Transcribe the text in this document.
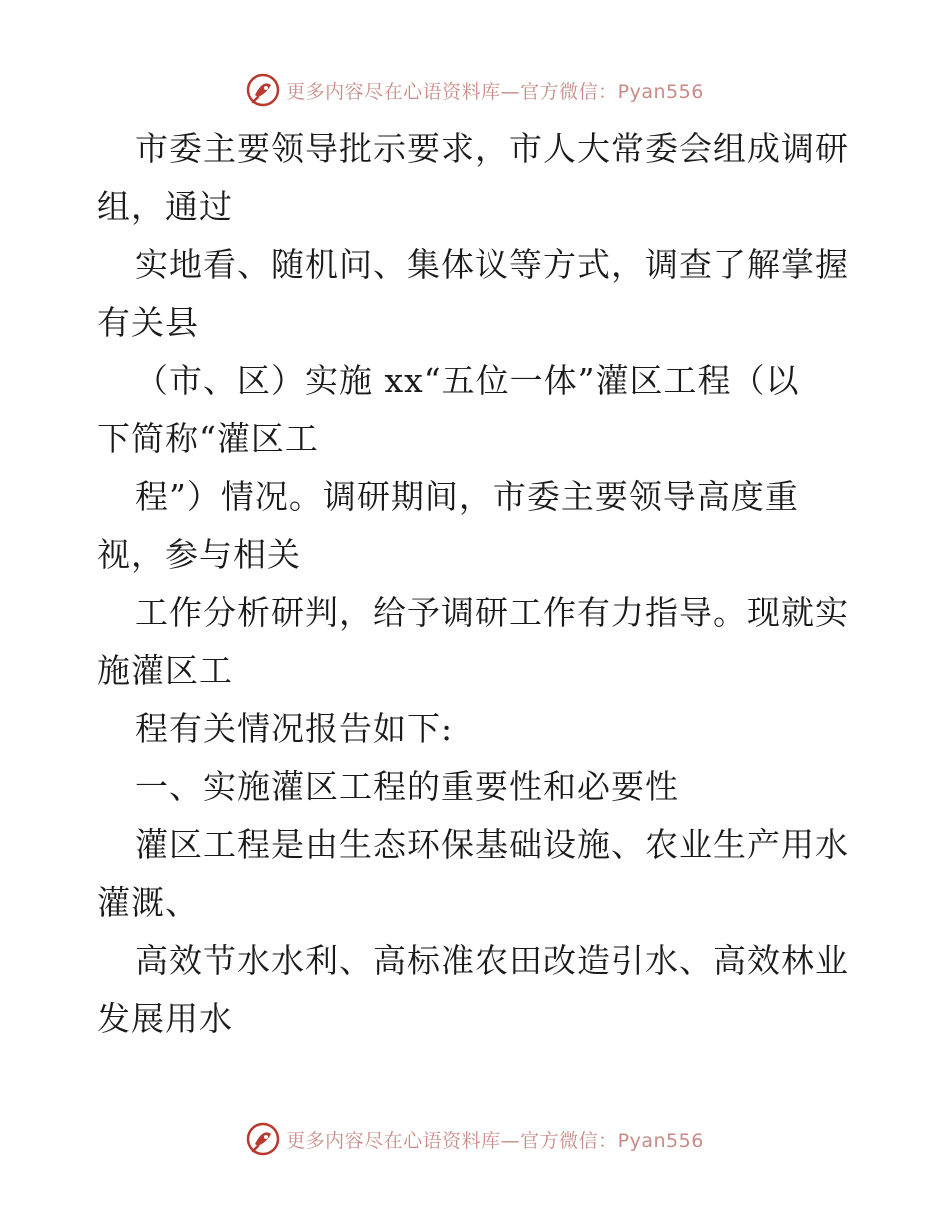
更多内容尽在心语资料库—官方微信：Pyan556
市委主要领导批示要求，市人大常委会组成调研
组，通过
实地看、随机问、集体议等方式，调查了解掌握
有关县
（市、区）实施 xx“五位一体”灌区工程（以
下简称“灌区工
程”）情况。调研期间，市委主要领导高度重
视，参与相关
工作分析研判，给予调研工作有力指导。现就实
施灌区工
程有关情况报告如下:
一、实施灌区工程的重要性和必要性
灌区工程是由生态环保基础设施、农业生产用水
灌溉、
高效节水水利、高标准农田改造引水、高效林业
发展用水
更多内容尽在心语资料库—官方微信：Pyan556
